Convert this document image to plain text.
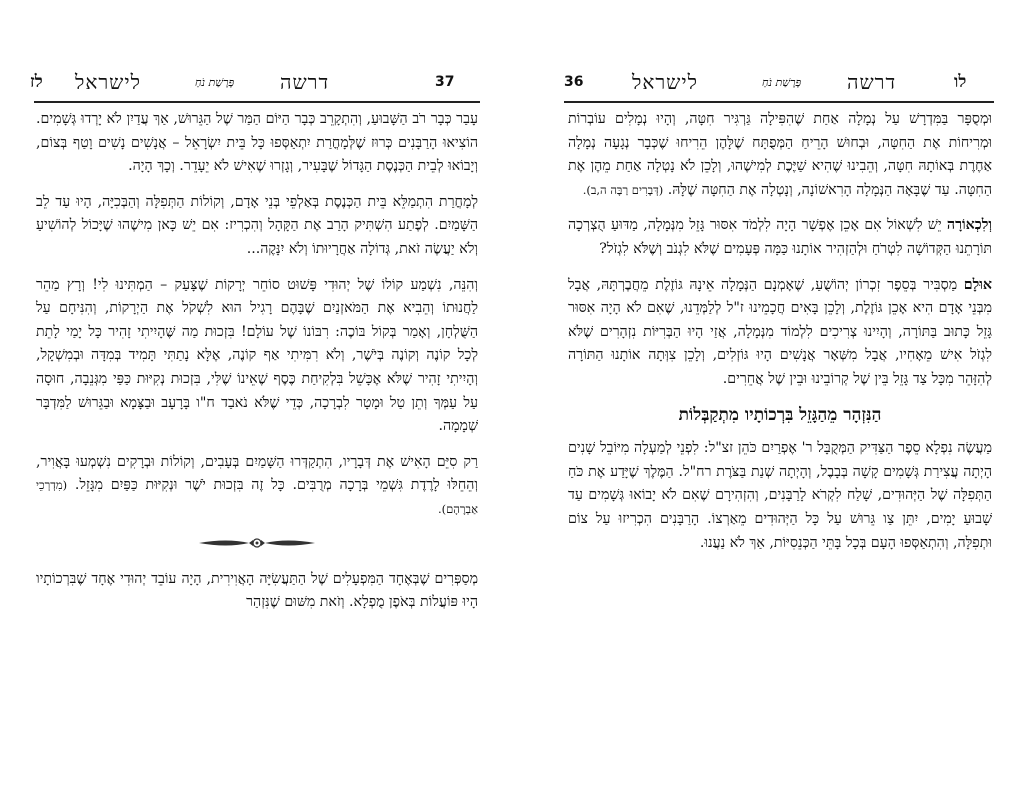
37
דרשה
פָּרָשַׁת נֹחַ
לישראל
לז

עָבַר כְּבָר רֹב הַשָּׁבוּעַ, וְהִתְקָרֵב כְּבָר הַיּוֹם הַמַּר שֶׁל הַגֵּרוּשׁ, אַךְ עֲדַיִן לֹא יָרְדוּ גְּשָׁמִים. הוֹצִיאוּ הָרַבָּנִים כְּרוּז שֶׁלְּמָחֳרַת יִתְאַסְּפוּ כָּל בֵּית יִשְׂרָאֵל – אֲנָשִׁים נָשִׁים וָטַף בְּצוֹם, וְיָבוֹאוּ לְבֵית הַכְּנֶסֶת הַגָּדוֹל שֶׁבָּעִיר, וְגָזְרוּ שֶׁאִישׁ לֹא יֵעָדֵר. וְכָךְ הָיָה.

לְמָחֳרַת הִתְמַלֵּא בֵּית הַכְּנֶסֶת בְּאַלְפֵי בְּנֵי אָדָם, וְקוֹלוֹת הַתְּפִלָּה וְהַבְּכִיָּה, הָיוּ עַד לֵב הַשָּׁמַיִם. לְפֶתַע הִשְׁתִּיק הָרַב אֶת הַקָּהָל וְהִכְרִיז: אִם יֵשׁ כָּאן מִישֶׁהוּ שֶׁיָּכוֹל לְהוֹשִׁיעַ וְלֹא יַעֲשֶׂה זֹאת, גְּדוֹלָה אַחֲרָיוּתוֹ וְלֹא יִנָּקֶה...

וְהִנֵּה, נִשְׁמַע קוֹלוֹ שֶׁל יְהוּדִי פָּשׁוּט סוֹחֵר יְרָקוֹת שֶׁצָּעַק – הַמְתִּינוּ לִי! וְרָץ מַהֵר לַחֲנוּתוֹ וְהֵבִיא אֶת הַמֹּאזְנַיִם שֶׁבָּהֶם רָגִיל הוּא לִשְׁקֹל אֶת הַיְרָקוֹת, וְהִנִּיחָם עַל הַשֻּׁלְחָן, וְאָמַר בְּקוֹל בּוֹכֶה: רִבּוֹנוֹ שֶׁל עוֹלָם! בִּזְכוּת מַה שֶּׁהָיִיתִי זָהִיר כָּל יָמַי לָתֵת לְכָל קוֹנֶה וְקוֹנֶה בְּיֹשֶׁר, וְלֹא רִמִּיתִי אַף קוֹנֶה, אֶלָּא נָתַתִּי תָּמִיד בְּמִדָּה וּבְמִשְׁקָל, וְהָיִיתִי זָהִיר שֶׁלֹּא אֶכָּשֵׁל בִּלְקִיחַת כֶּסֶף שֶׁאֵינוֹ שֶׁלִּי, בִּזְכוּת נְקִיּוּת כַּפַּי מִגְּנֵבָה, חוּסָה עַל עַמְּךָ וְתֵן טַל וּמָטָר לִבְרָכָה, כְּדֵי שֶׁלֹּא נֹאבַד ח"ו בָּרָעָב וּבַצָּמָא וּבַגֵּרוּשׁ לַמִּדְבָּר שְׁמָמָה.

רַק סִיֵּם הָאִישׁ אֶת דְּבָרָיו, הִתְקַדְּרוּ הַשָּׁמַיִם בְּעָבִים, וְקוֹלוֹת וּבְרָקִים נִשְׁמְעוּ בָּאֲוִיר, וְהֵחֵלּוּ לָרֶדֶת גִּשְׁמֵי בְּרָכָה מְרֻבִּים. כָּל זֶה בִּזְכוּת יֹשֶׁר וּנְקִיּוּת כַּפַּיִם מִגָּזֵל. (מִדְרְכֵי אַבְרָהָם).

מְסַפְּרִים שֶׁבְּאֶחָד הַמִּפְעָלִים שֶׁל הַתַּעֲשִׂיָּה הָאֲוִירִית, הָיָה עוֹבֵד יְהוּדִי אֶחָד שֶׁבִּרְכוֹתָיו הָיוּ פּוֹעֲלוֹת בְּאֹפֶן מֻפְלָא. וְזֹאת מִשּׁוּם שֶׁנִּזְהַר

לו
דרשה
פָּרָשַׁת נֹחַ
לישראל
36

וּמְסֻפָּר בַּמִּדְרָשׁ עַל נְמָלָה אַחַת שֶׁהִפִּילָה גַּרְגִּיר חִטָּה, וְהָיוּ נְמָלִים עוֹבְרוֹת וּמְרִיחוֹת אֶת הַחִטָּה, וּבְחוּשׁ הָרֵיחַ הַמְּפֻתָּח שֶׁלָּהֶן הֵרִיחוּ שֶׁכְּבָר נְגָעָה נְמָלָה אַחֶרֶת בְּאוֹתָהּ חִטָּה, וְהֵבִינוּ שֶׁהִיא שַׁיֶּכֶת לְמִישֶׁהוּ, וְלָכֵן לֹא נָטְלָה אַחַת מֵהֶן אֶת הַחִטָּה. עַד שֶׁבָּאָה הַנְּמָלָה הָרִאשׁוֹנָה, וְנָטְלָה אֶת הַחִטָּה שֶׁלָּהּ. (דְּבָרִים רַבָּה ה,ב).

וְלִכְאוֹרָה יֵשׁ לִשְׁאוֹל אִם אָכֵן אֶפְשָׁר הָיָה לִלְמֹד אִסּוּר גָּזֵל מִנְּמָלָה, מַדּוּעַ הֻצְרְכָה תּוֹרָתֵנוּ הַקְּדוֹשָׁה לִטְרֹחַ וּלְהַזְהִיר אוֹתָנוּ כַּמָּה פְּעָמִים שֶׁלֹּא לִגְנֹב וְשֶׁלֹּא לִגְזֹל?

אוּלָם מַסְבִּיר בְּסֵפֶר זִכְרוֹן יְהוֹשֻׁעַ, שֶׁאָמְנָם הַנְּמָלָה אֵינָהּ גּוֹזֶלֶת מֵחֲבֶרְתָּהּ, אֲבָל מִבְּנֵי אָדָם הִיא אָכֵן גּוֹזֶלֶת, וְלָכֵן בָּאִים חֲכָמֵינוּ ז"ל לְלַמְּדֵנוּ, שֶׁאִם לֹא הָיָה אִסּוּר גָּזֵל כָּתוּב בַּתּוֹרָה, וְהָיִינוּ צְרִיכִים לִלְמוֹד מִנְּמָלָה, אֲזַי הָיוּ הַבְּרִיּוֹת נִזְהָרִים שֶׁלֹּא לִגְזֹל אִישׁ מֵאָחִיו, אֲבָל מִשְּׁאָר אֲנָשִׁים הָיוּ גּוֹזְלִים, וְלָכֵן צִוְּתָה אוֹתָנוּ הַתּוֹרָה לְהִזָּהֵר מִכָּל צַד גָּזֵל בֵּין שֶׁל קְרוֹבֵינוּ וּבֵין שֶׁל אֲחֵרִים.

הַנִּזְהָר מֵהַגָּזֵל בִּרְכוֹתָיו מִתְקַבְּלוֹת

מַעֲשֶׂה נִפְלָא סֵפֶר הַצַּדִּיק הַמְּקֻבָּל ר' אֶפְרַיִם כֹּהֵן זצ"ל: לִפְנֵי לְמַעְלָה מִיּוֹבֵל שָׁנִים הָיְתָה עֲצִירַת גְּשָׁמִים קָשָׁה בְּבָבֶל, וְהָיְתָה שְׁנַת בַּצֹּרֶת רח"ל. הַמֶּלֶךְ שֶׁיָּדַע אֶת כֹּחַ הַתְּפִלָּה שֶׁל הַיְּהוּדִים, שָׁלַח לִקְרֹא לָרַבָּנִים, וְהִזְהִירָם שֶׁאִם לֹא יָבוֹאוּ גְּשָׁמִים עַד שָׁבוּעַ יָמִים, יִתֵּן צַו גֵּרוּשׁ עַל כָּל הַיְּהוּדִים מֵאַרְצוֹ. הָרַבָּנִים הִכְרִיזוּ עַל צוֹם וּתְפִלָּה, וְהִתְאַסְּפוּ הָעָם בְּכָל בָּתֵּי הַכְּנֵסִיּוֹת, אַךְ לֹא נַעֲנוּ.
